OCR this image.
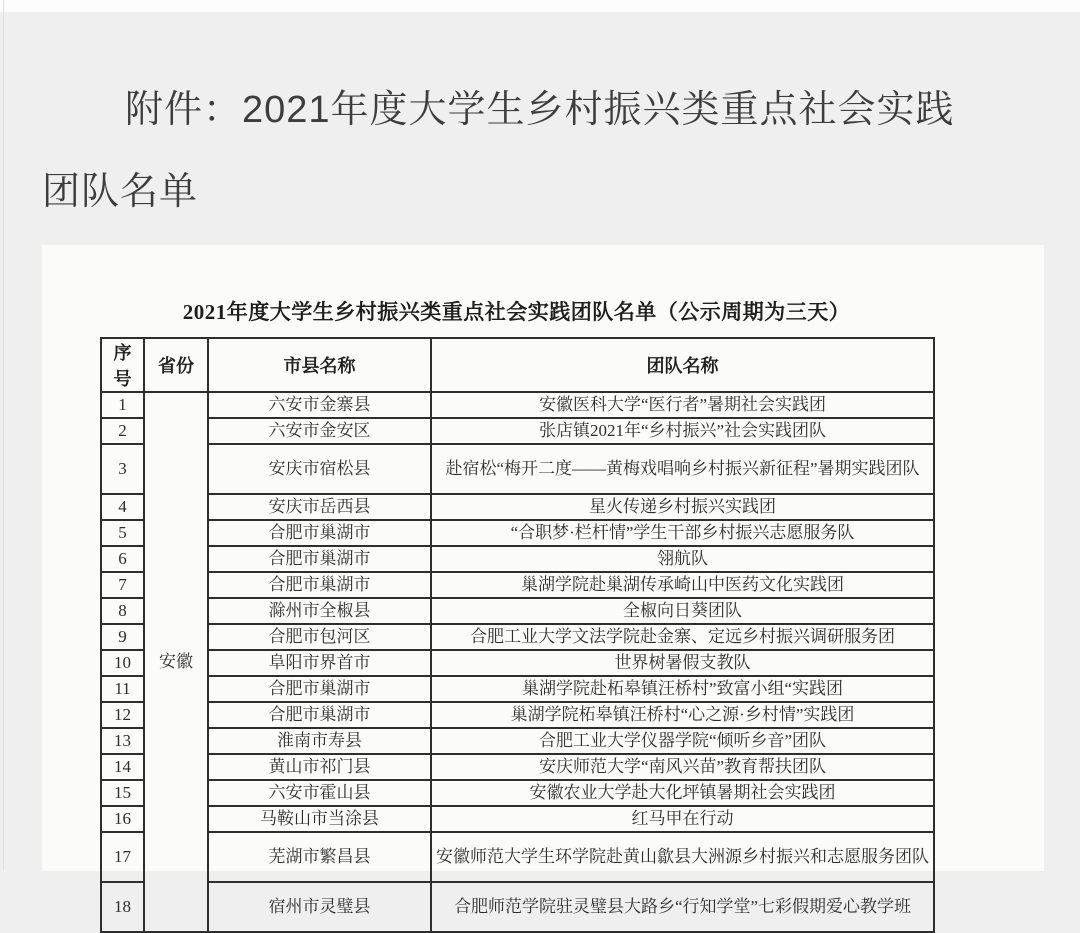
附件：2021年度大学生乡村振兴类重点社会实践
团队名单
2021年度大学生乡村振兴类重点社会实践团队名单（公示周期为三天）
序号	省份	市县名称	团队名称
1	安徽	六安市金寨县	安徽医科大学“医行者”暑期社会实践团
2		六安市金安区	张店镇2021年“乡村振兴”社会实践团队
3		安庆市宿松县	赴宿松“梅开二度——黄梅戏唱响乡村振兴新征程”暑期实践团队
4		安庆市岳西县	星火传递乡村振兴实践团
5		合肥市巢湖市	“合职梦·栏杆情”学生干部乡村振兴志愿服务队
6		合肥市巢湖市	翎航队
7		合肥市巢湖市	巢湖学院赴巢湖传承崎山中医药文化实践团
8		滁州市全椒县	全椒向日葵团队
9		合肥市包河区	合肥工业大学文法学院赴金寨、定远乡村振兴调研服务团
10		阜阳市界首市	世界树暑假支教队
11		合肥市巢湖市	巢湖学院赴柘皋镇汪桥村”致富小组“实践团
12		合肥市巢湖市	巢湖学院柘皋镇汪桥村“心之源·乡村情”实践团
13		淮南市寿县	合肥工业大学仪器学院“倾听乡音”团队
14		黄山市祁门县	安庆师范大学“南风兴苗”教育帮扶团队
15		六安市霍山县	安徽农业大学赴大化坪镇暑期社会实践团
16		马鞍山市当涂县	红马甲在行动
17		芜湖市繁昌县	安徽师范大学生环学院赴黄山歙县大洲源乡村振兴和志愿服务团队
18		宿州市灵璧县	合肥师范学院驻灵璧县大路乡“行知学堂”七彩假期爱心教学班
